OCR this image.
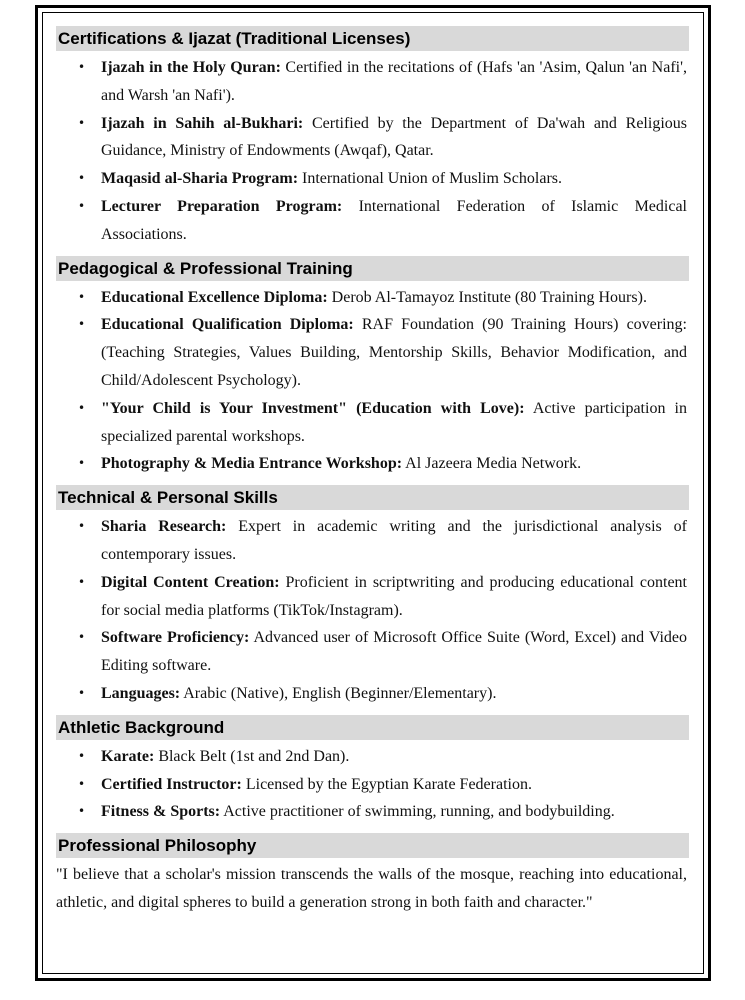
Certifications & Ijazat (Traditional Licenses)
• Ijazah in the Holy Quran: Certified in the recitations of (Hafs 'an 'Asim, Qalun 'an Nafi', and Warsh 'an Nafi').
• Ijazah in Sahih al-Bukhari: Certified by the Department of Da'wah and Religious Guidance, Ministry of Endowments (Awqaf), Qatar.
• Maqasid al-Sharia Program: International Union of Muslim Scholars.
• Lecturer Preparation Program: International Federation of Islamic Medical Associations.
Pedagogical & Professional Training
• Educational Excellence Diploma: Derob Al-Tamayoz Institute (80 Training Hours).
• Educational Qualification Diploma: RAF Foundation (90 Training Hours) covering: (Teaching Strategies, Values Building, Mentorship Skills, Behavior Modification, and Child/Adolescent Psychology).
• "Your Child is Your Investment" (Education with Love): Active participation in specialized parental workshops.
• Photography & Media Entrance Workshop: Al Jazeera Media Network.
Technical & Personal Skills
• Sharia Research: Expert in academic writing and the jurisdictional analysis of contemporary issues.
• Digital Content Creation: Proficient in scriptwriting and producing educational content for social media platforms (TikTok/Instagram).
• Software Proficiency: Advanced user of Microsoft Office Suite (Word, Excel) and Video Editing software.
• Languages: Arabic (Native), English (Beginner/Elementary).
Athletic Background
• Karate: Black Belt (1st and 2nd Dan).
• Certified Instructor: Licensed by the Egyptian Karate Federation.
• Fitness & Sports: Active practitioner of swimming, running, and bodybuilding.
Professional Philosophy
"I believe that a scholar's mission transcends the walls of the mosque, reaching into educational, athletic, and digital spheres to build a generation strong in both faith and character."
